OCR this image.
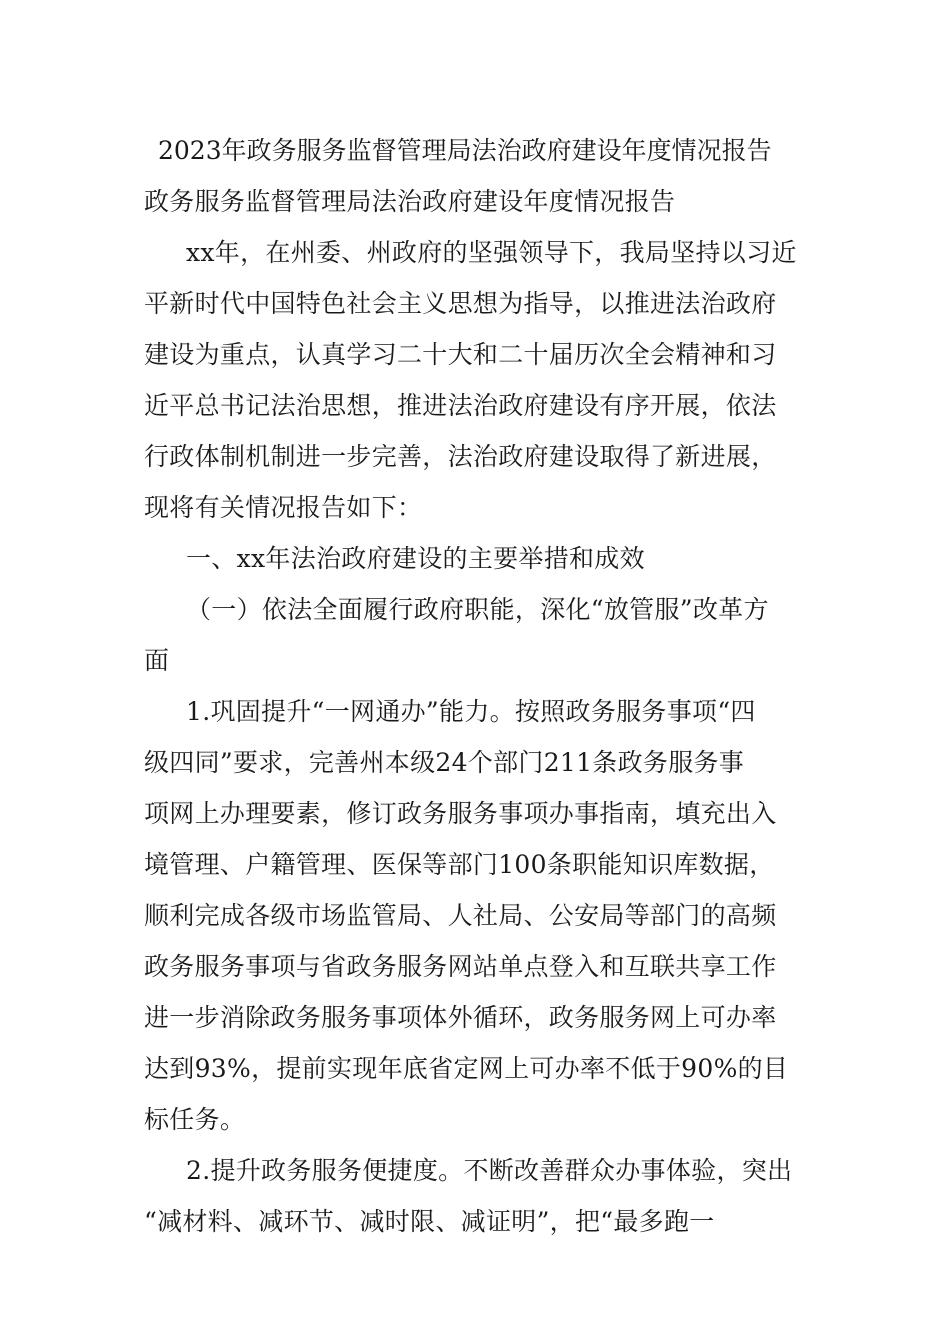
2023年政务服务监督管理局法治政府建设年度情况报告
政务服务监督管理局法治政府建设年度情况报告
xx年，在州委、州政府的坚强领导下，我局坚持以习近
平新时代中国特色社会主义思想为指导，以推进法治政府
建设为重点，认真学习二十大和二十届历次全会精神和习
近平总书记法治思想，推进法治政府建设有序开展，依法
行政体制机制进一步完善，法治政府建设取得了新进展，
现将有关情况报告如下：
一、xx年法治政府建设的主要举措和成效
（一）依法全面履行政府职能，深化“放管服”改革方
面
1.巩固提升“一网通办”能力。按照政务服务事项“四
级四同”要求，完善州本级24个部门211条政务服务事
项网上办理要素，修订政务服务事项办事指南，填充出入
境管理、户籍管理、医保等部门100条职能知识库数据，
顺利完成各级市场监管局、人社局、公安局等部门的高频
政务服务事项与省政务服务网站单点登入和互联共享工作
进一步消除政务服务事项体外循环，政务服务网上可办率
达到93%，提前实现年底省定网上可办率不低于90%的目
标任务。
2.提升政务服务便捷度。不断改善群众办事体验，突出
“减材料、减环节、减时限、减证明”，把“最多跑一
